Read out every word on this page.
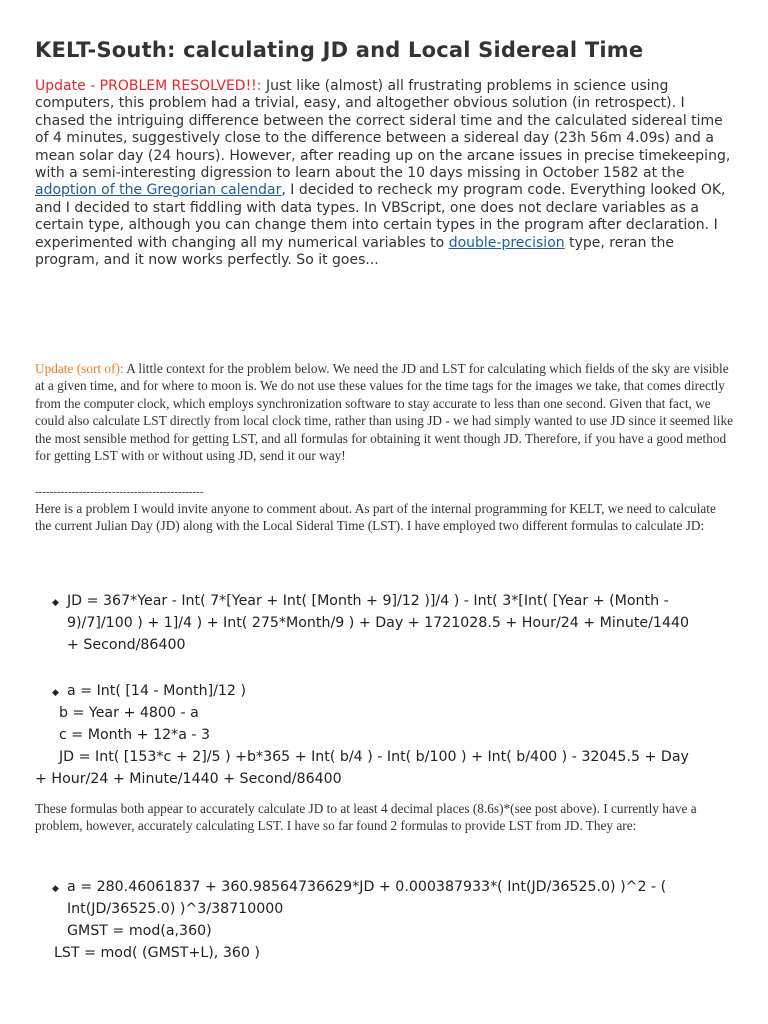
KELT-South: calculating JD and Local Sidereal Time

Update - PROBLEM RESOLVED!!: Just like (almost) all frustrating problems in science using computers, this problem had a trivial, easy, and altogether obvious solution (in retrospect). I chased the intriguing difference between the correct sideral time and the calculated sidereal time of 4 minutes, suggestively close to the difference between a sidereal day (23h 56m 4.09s) and a mean solar day (24 hours). However, after reading up on the arcane issues in precise timekeeping, with a semi-interesting digression to learn about the 10 days missing in October 1582 at the adoption of the Gregorian calendar, I decided to recheck my program code. Everything looked OK, and I decided to start fiddling with data types. In VBScript, one does not declare variables as a certain type, although you can change them into certain types in the program after declaration. I experimented with changing all my numerical variables to double-precision type, reran the program, and it now works perfectly. So it goes...

Update (sort of): A little context for the problem below. We need the JD and LST for calculating which fields of the sky are visible at a given time, and for where to moon is. We do not use these values for the time tags for the images we take, that comes directly from the computer clock, which employs synchronization software to stay accurate to less than one second. Given that fact, we could also calculate LST directly from local clock time, rather than using JD - we had simply wanted to use JD since it seemed like the most sensible method for getting LST, and all formulas for obtaining it went though JD. Therefore, if you have a good method for getting LST with or without using JD, send it our way!

----------------------------------------------

Here is a problem I would invite anyone to comment about. As part of the internal programming for KELT, we need to calculate the current Julian Day (JD) along with the Local Sideral Time (LST). I have employed two different formulas to calculate JD:

◆ JD = 367*Year - Int( 7*[Year + Int( [Month + 9]/12 )]/4 ) - Int( 3*[Int( [Year + (Month -
9)/7]/100 ) + 1]/4 ) + Int( 275*Month/9 ) + Day + 1721028.5 + Hour/24 + Minute/1440
+ Second/86400
◆ a = Int( [14 - Month]/12 )
b = Year + 4800 - a
c = Month + 12*a - 3
JD = Int( [153*c + 2]/5 ) +b*365 + Int( b/4 ) - Int( b/100 ) + Int( b/400 ) - 32045.5 + Day
+ Hour/24 + Minute/1440 + Second/86400

These formulas both appear to accurately calculate JD to at least 4 decimal places (8.6s)*(see post above). I currently have a problem, however, accurately calculating LST. I have so far found 2 formulas to provide LST from JD. They are:

◆ a = 280.46061837 + 360.98564736629*JD + 0.000387933*( Int(JD/36525.0) )^2 - (
Int(JD/36525.0) )^3/38710000
GMST = mod(a,360)
LST = mod( (GMST+L), 360 )
